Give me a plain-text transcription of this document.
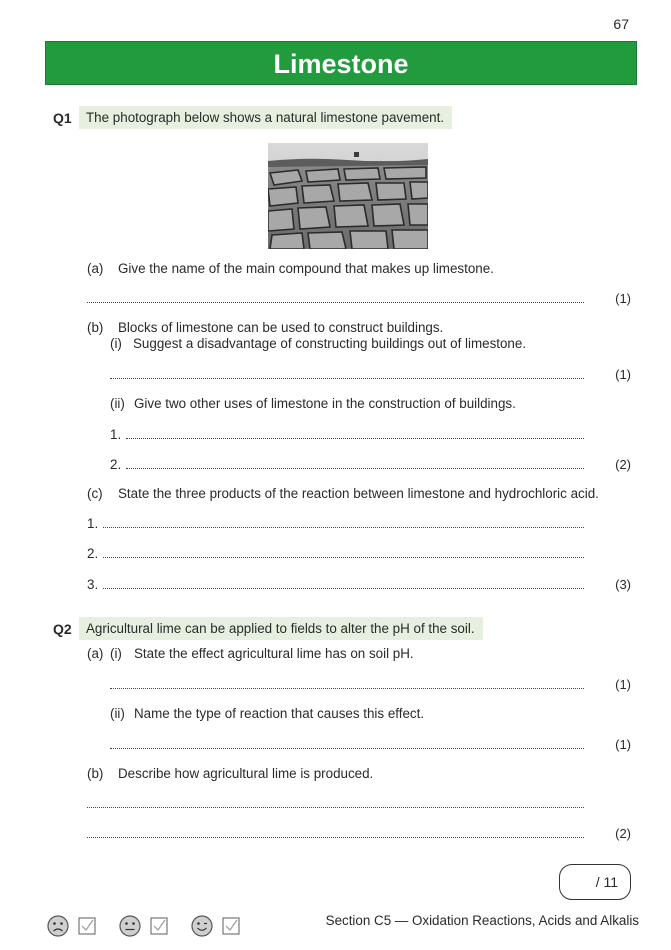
67
Limestone
Q1	The photograph below shows a natural limestone pavement.
(a) Give the name of the main compound that makes up limestone.
(1)
(b) Blocks of limestone can be used to construct buildings.
(i) Suggest a disadvantage of constructing buildings out of limestone.
(1)
(ii) Give two other uses of limestone in the construction of buildings.
1.
2.	(2)
(c) State the three products of the reaction between limestone and hydrochloric acid.
1.
2.
3.	(3)
Q2	Agricultural lime can be applied to fields to alter the pH of the soil.
(a) (i) State the effect agricultural lime has on soil pH.
(1)
(ii) Name the type of reaction that causes this effect.
(1)
(b) Describe how agricultural lime is produced.
(2)
/ 11
Section C5 — Oxidation Reactions, Acids and Alkalis
